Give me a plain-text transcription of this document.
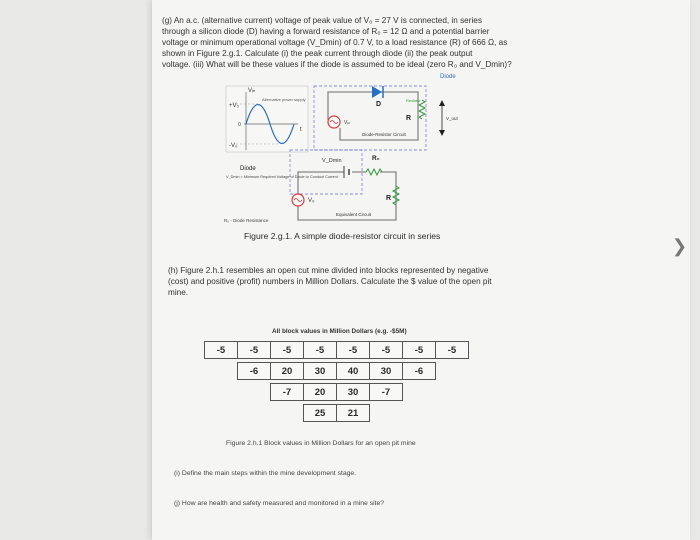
(g) An a.c. (alternative current) voltage of peak value of V₀ = 27 V is connected, in series
through a silicon diode (D) having a forward resistance of R₀ = 12 Ω and a potential barrier
voltage or minimum operational voltage (V_Dmin) of 0.7 V, to a load resistance (R) of 666 Ω, as
shown in Figure 2.g.1. Calculate (i) the peak current through diode (ii) the peak output
voltage. (iii) What will be these values if the diode is assumed to be ideal (zero R₀ and V_Dmin)?
Diode
Vᵢₙ
Alternative power supply
+V₀
0
-V₀
t
D
Vᵢₙ
Resistor
R
Diode-Resistor Circuit
V_out
Diode
V_Dmin = Minimum Required Voltage of Diode to Conduct Current
V_Dmin	R₀
R
V₀
R₀ - Diode Resistance
Equivalent Circuit
Figure 2.g.1. A simple diode-resistor circuit in series
(h) Figure 2.h.1 resembles an open cut mine divided into blocks represented by negative
(cost) and positive (profit) numbers in Million Dollars. Calculate the $ value of the open pit
mine.
All block values in Million Dollars (e.g. -$5M)
-5	-5	-5	-5	-5	-5	-5	-5
-6	20	30	40	30	-6
-7	20	30	-7
25	21
Figure 2.h.1 Block values in Million Dollars for an open pit mine
(i) Define the main steps within the mine development stage.
(j) How are health and safety measured and monitored in a mine site?
❯
